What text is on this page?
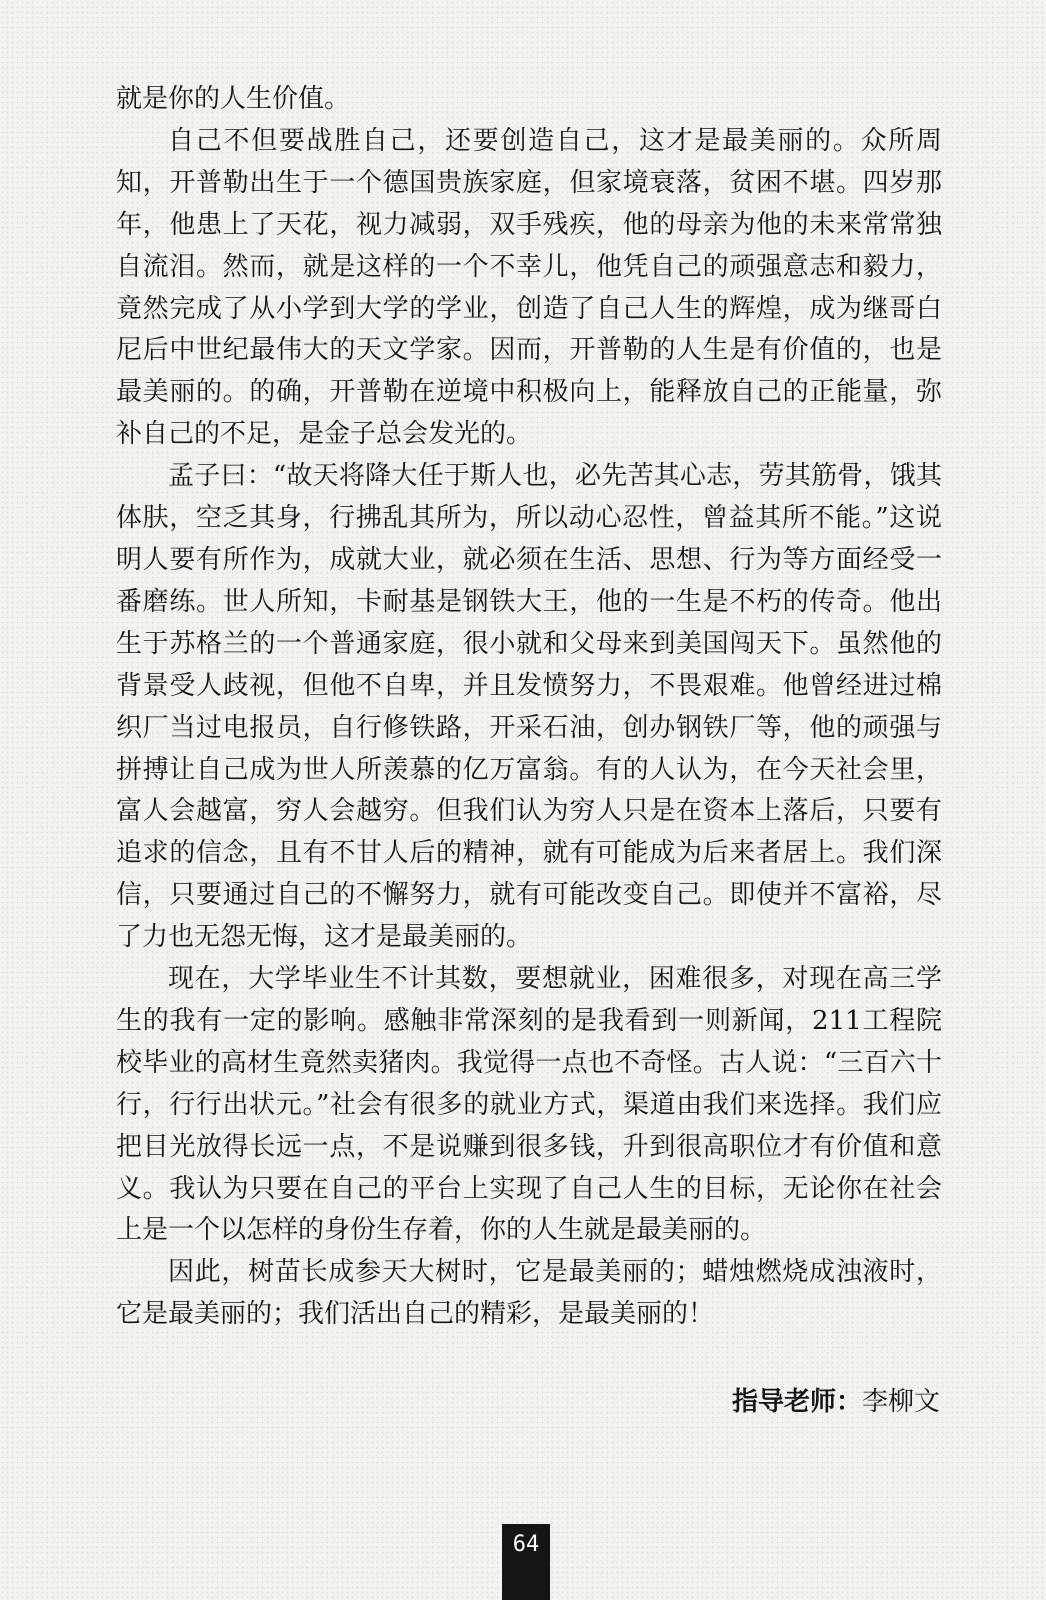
就是你的人生价值。

自己不但要战胜自己，还要创造自己，这才是最美丽的。众所周知，开普勒出生于一个德国贵族家庭，但家境衰落，贫困不堪。四岁那年，他患上了天花，视力减弱，双手残疾，他的母亲为他的未来常常独自流泪。然而，就是这样的一个不幸儿，他凭自己的顽强意志和毅力，竟然完成了从小学到大学的学业，创造了自己人生的辉煌，成为继哥白尼后中世纪最伟大的天文学家。因而，开普勒的人生是有价值的，也是最美丽的。的确，开普勒在逆境中积极向上，能释放自己的正能量，弥补自己的不足，是金子总会发光的。

孟子曰：“故天将降大任于斯人也，必先苦其心志，劳其筋骨，饿其体肤，空乏其身，行拂乱其所为，所以动心忍性，曾益其所不能。”这说明人要有所作为，成就大业，就必须在生活、思想、行为等方面经受一番磨练。世人所知，卡耐基是钢铁大王，他的一生是不朽的传奇。他出生于苏格兰的一个普通家庭，很小就和父母来到美国闯天下。虽然他的背景受人歧视，但他不自卑，并且发愤努力，不畏艰难。他曾经进过棉织厂当过电报员，自行修铁路，开采石油，创办钢铁厂等，他的顽强与拼搏让自己成为世人所羡慕的亿万富翁。有的人认为，在今天社会里，富人会越富，穷人会越穷。但我们认为穷人只是在资本上落后，只要有追求的信念，且有不甘人后的精神，就有可能成为后来者居上。我们深信，只要通过自己的不懈努力，就有可能改变自己。即使并不富裕，尽了力也无怨无悔，这才是最美丽的。

现在，大学毕业生不计其数，要想就业，困难很多，对现在高三学生的我有一定的影响。感触非常深刻的是我看到一则新闻，211工程院校毕业的高材生竟然卖猪肉。我觉得一点也不奇怪。古人说：“三百六十行，行行出状元。”社会有很多的就业方式，渠道由我们来选择。我们应把目光放得长远一点，不是说赚到很多钱，升到很高职位才有价值和意义。我认为只要在自己的平台上实现了自己人生的目标，无论你在社会上是一个以怎样的身份生存着，你的人生就是最美丽的。

因此，树苗长成参天大树时，它是最美丽的；蜡烛燃烧成浊液时，它是最美丽的；我们活出自己的精彩，是最美丽的！

指导老师：李柳文
64
